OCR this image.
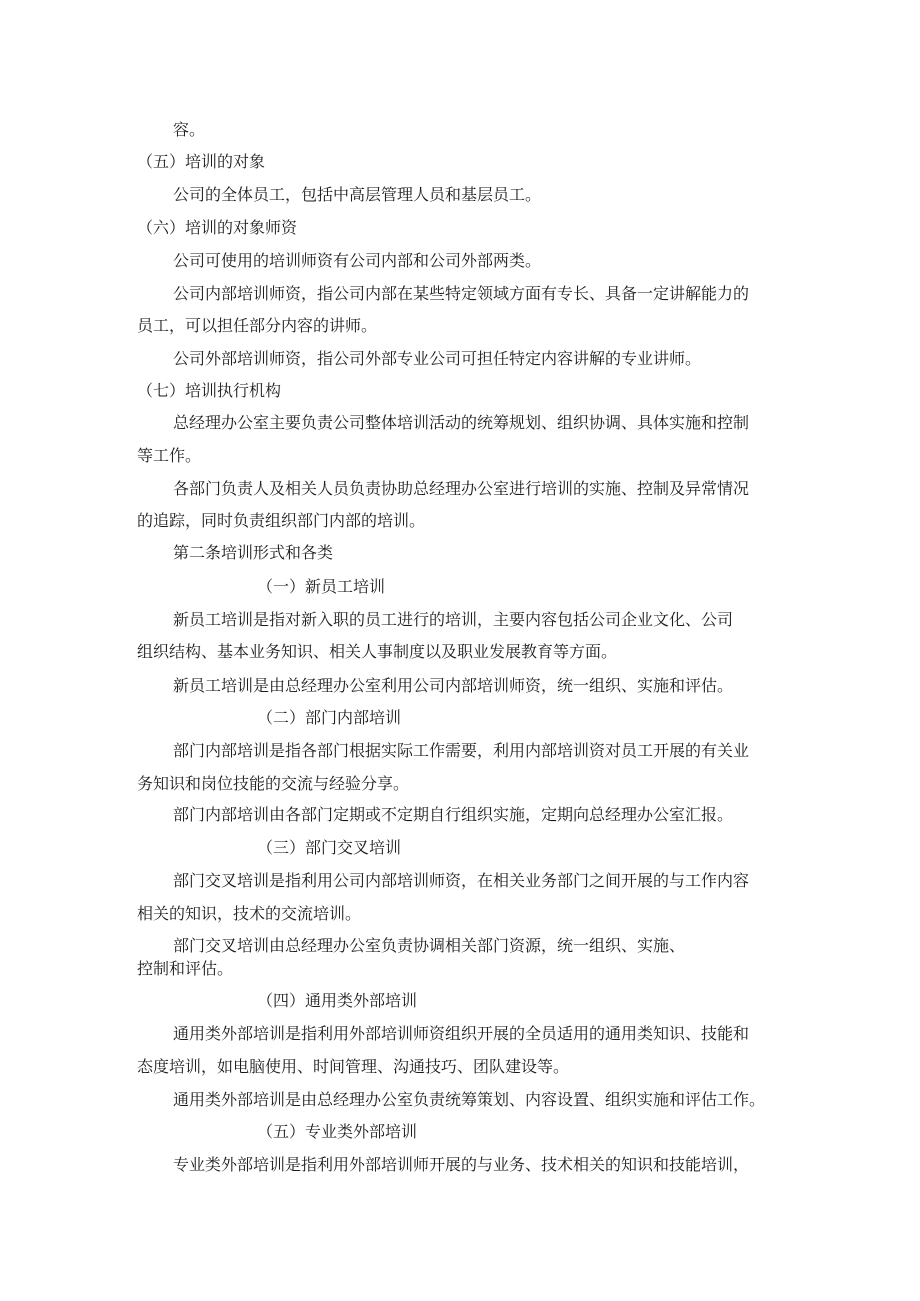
容。
（五）培训的对象
公司的全体员工，包括中高层管理人员和基层员工。
（六）培训的对象师资
公司可使用的培训师资有公司内部和公司外部两类。
公司内部培训师资，指公司内部在某些特定领域方面有专长、具备一定讲解能力的
员工，可以担任部分内容的讲师。
公司外部培训师资，指公司外部专业公司可担任特定内容讲解的专业讲师。
（七）培训执行机构
总经理办公室主要负责公司整体培训活动的统筹规划、组织协调、具体实施和控制
等工作。
各部门负责人及相关人员负责协助总经理办公室进行培训的实施、控制及异常情况
的追踪，同时负责组织部门内部的培训。
第二条培训形式和各类
（一）新员工培训
新员工培训是指对新入职的员工进行的培训，主要内容包括公司企业文化、公司
组织结构、基本业务知识、相关人事制度以及职业发展教育等方面。
新员工培训是由总经理办公室利用公司内部培训师资，统一组织、实施和评估。
（二）部门内部培训
部门内部培训是指各部门根据实际工作需要，利用内部培训资对员工开展的有关业
务知识和岗位技能的交流与经验分享。
部门内部培训由各部门定期或不定期自行组织实施，定期向总经理办公室汇报。
（三）部门交叉培训
部门交叉培训是指利用公司内部培训师资，在相关业务部门之间开展的与工作内容
相关的知识，技术的交流培训。
部门交叉培训由总经理办公室负责协调相关部门资源，统一组织、实施、
控制和评估。
（四）通用类外部培训
通用类外部培训是指利用外部培训师资组织开展的全员适用的通用类知识、技能和
态度培训，如电脑使用、时间管理、沟通技巧、团队建设等。
通用类外部培训是由总经理办公室负责统筹策划、内容设置、组织实施和评估工作。
（五）专业类外部培训
专业类外部培训是指利用外部培训师开展的与业务、技术相关的知识和技能培训，
